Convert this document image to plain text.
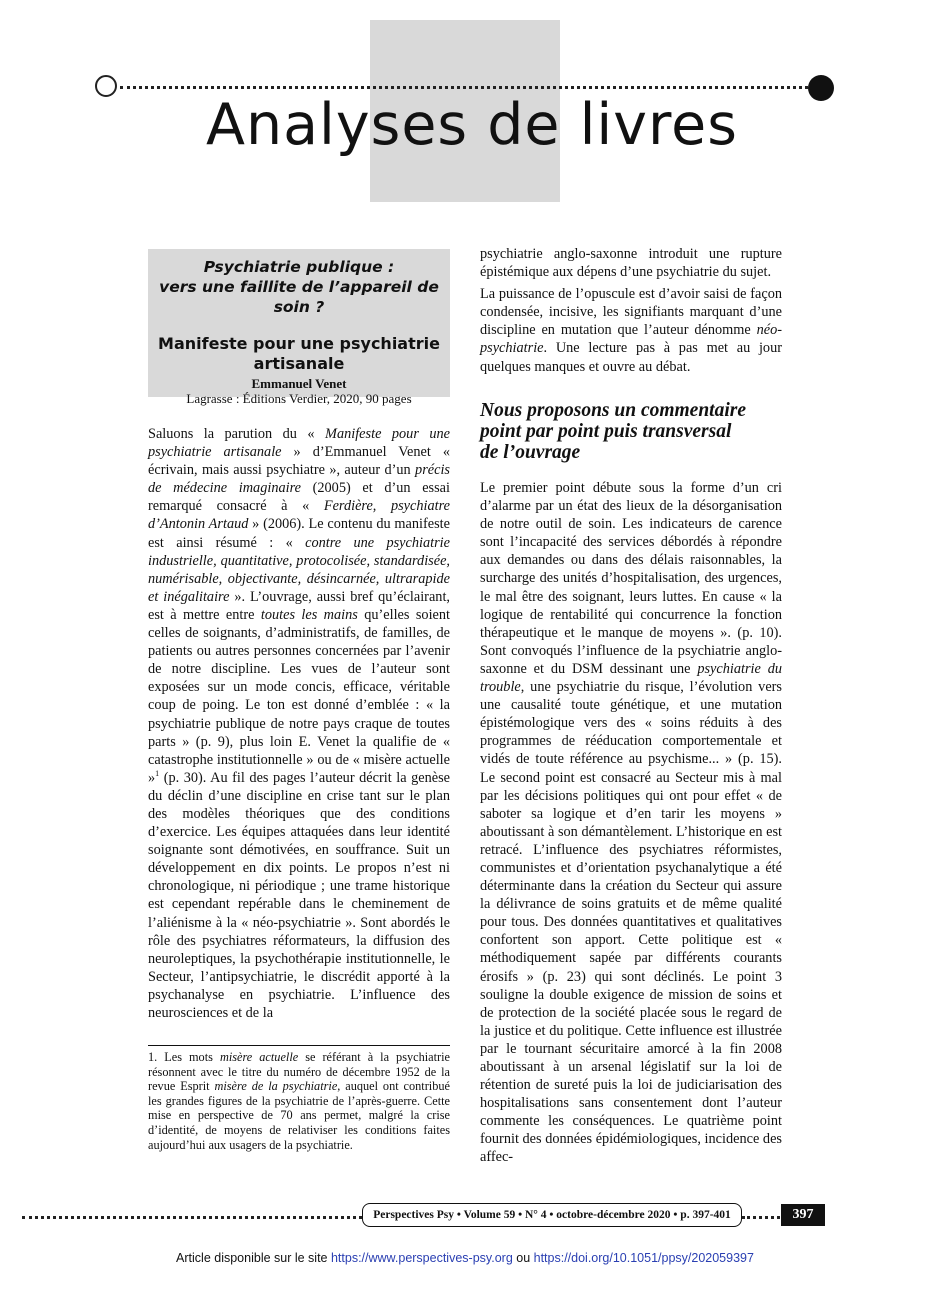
Analyses de livres
Psychiatrie publique :
vers une faillite de l’appareil de soin ?
Manifeste pour une psychiatrie
artisanale
Emmanuel Venet
Lagrasse : Éditions Verdier, 2020, 90 pages

Saluons la parution du « Manifeste pour une psychiatrie artisanale » d’Emmanuel Venet « écrivain, mais aussi psychiatre », auteur d’un précis de médecine imaginaire (2005) et d’un essai remarqué consacré à « Ferdière, psychiatre d’Antonin Artaud » (2006). Le contenu du manifeste est ainsi résumé : « contre une psychiatrie industrielle, quantitative, protocolisée, standardisée, numérisable, objectivante, désincarnée, ultrarapide et inégalitaire ». L’ouvrage, aussi bref qu’éclairant, est à mettre entre toutes les mains qu’elles soient celles de soignants, d’administratifs, de familles, de patients ou autres personnes concernées par l’avenir de notre discipline. Les vues de l’auteur sont exposées sur un mode concis, efficace, véritable coup de poing. Le ton est donné d’emblée : « la psychiatrie publique de notre pays craque de toutes parts » (p. 9), plus loin E. Venet la qualifie de « catastrophe institutionnelle » ou de « misère actuelle »$^1$ (p. 30). Au fil des pages l’auteur décrit la genèse du déclin d’une discipline en crise tant sur le plan des modèles théoriques que des conditions d’exercice. Les équipes attaquées dans leur identité soignante sont démotivées, en souffrance. Suit un développement en dix points. Le propos n’est ni chronologique, ni périodique ; une trame historique est cependant repérable dans le cheminement de l’aliénisme à la « néo-psychiatrie ». Sont abordés le rôle des psychiatres réformateurs, la diffusion des neuroleptiques, la psychothérapie institutionnelle, le Secteur, l’antipsychiatrie, le discrédit apporté à la psychanalyse en psychiatrie. L’influence des neurosciences et de la

1. Les mots misère actuelle se référant à la psychiatrie résonnent avec le titre du numéro de décembre 1952 de la revue Esprit misère de la psychiatrie, auquel ont contribué les grandes figures de la psychiatrie de l’après-guerre. Cette mise en perspective de 70 ans permet, malgré la crise d’identité, de moyens de relativiser les conditions faites aujourd’hui aux usagers de la psychiatrie.

psychiatrie anglo-saxonne introduit une rupture épistémique aux dépens d’une psychiatrie du sujet.

La puissance de l’opuscule est d’avoir saisi de façon condensée, incisive, les signifiants marquant d’une discipline en mutation que l’auteur dénomme néo-psychiatrie. Une lecture pas à pas met au jour quelques manques et ouvre au débat.

Nous proposons un commentaire
point par point puis transversal
de l’ouvrage

Le premier point débute sous la forme d’un cri d’alarme par un état des lieux de la désorganisation de notre outil de soin. Les indicateurs de carence sont l’incapacité des services débordés à répondre aux demandes ou dans des délais raisonnables, la surcharge des unités d’hospitalisation, des urgences, le mal être des soignant, leurs luttes. En cause « la logique de rentabilité qui concurrence la fonction thérapeutique et le manque de moyens ». (p. 10). Sont convoqués l’influence de la psychiatrie anglo-saxonne et du DSM dessinant une psychiatrie du trouble, une psychiatrie du risque, l’évolution vers une causalité toute génétique, et une mutation épistémologique vers des « soins réduits à des programmes de rééducation comportementale et vidés de toute référence au psychisme... » (p. 15). Le second point est consacré au Secteur mis à mal par les décisions politiques qui ont pour effet « de saboter sa logique et d’en tarir les moyens » aboutissant à son démantèlement. L’historique en est retracé. L’influence des psychiatres réformistes, communistes et d’orientation psychanalytique a été déterminante dans la création du Secteur qui assure la délivrance de soins gratuits et de même qualité pour tous. Des données quantitatives et qualitatives confortent son apport. Cette politique est « méthodiquement sapée par différents courants érosifs » (p. 23) qui sont déclinés. Le point 3 souligne la double exigence de mission de soins et de protection de la société placée sous le regard de la justice et du politique. Cette influence est illustrée par le tournant sécuritaire amorcé à la fin 2008 aboutissant à un arsenal législatif sur la loi de rétention de sureté puis la loi de judiciarisation des hospitalisations sans consentement dont l’auteur commente les conséquences. Le quatrième point fournit des données épidémiologiques, incidence des affec-

Perspectives Psy • Volume 59 • N° 4 • octobre-décembre 2020 • p. 397-401	397
Article disponible sur le site https://www.perspectives-psy.org ou https://doi.org/10.1051/ppsy/202059397
